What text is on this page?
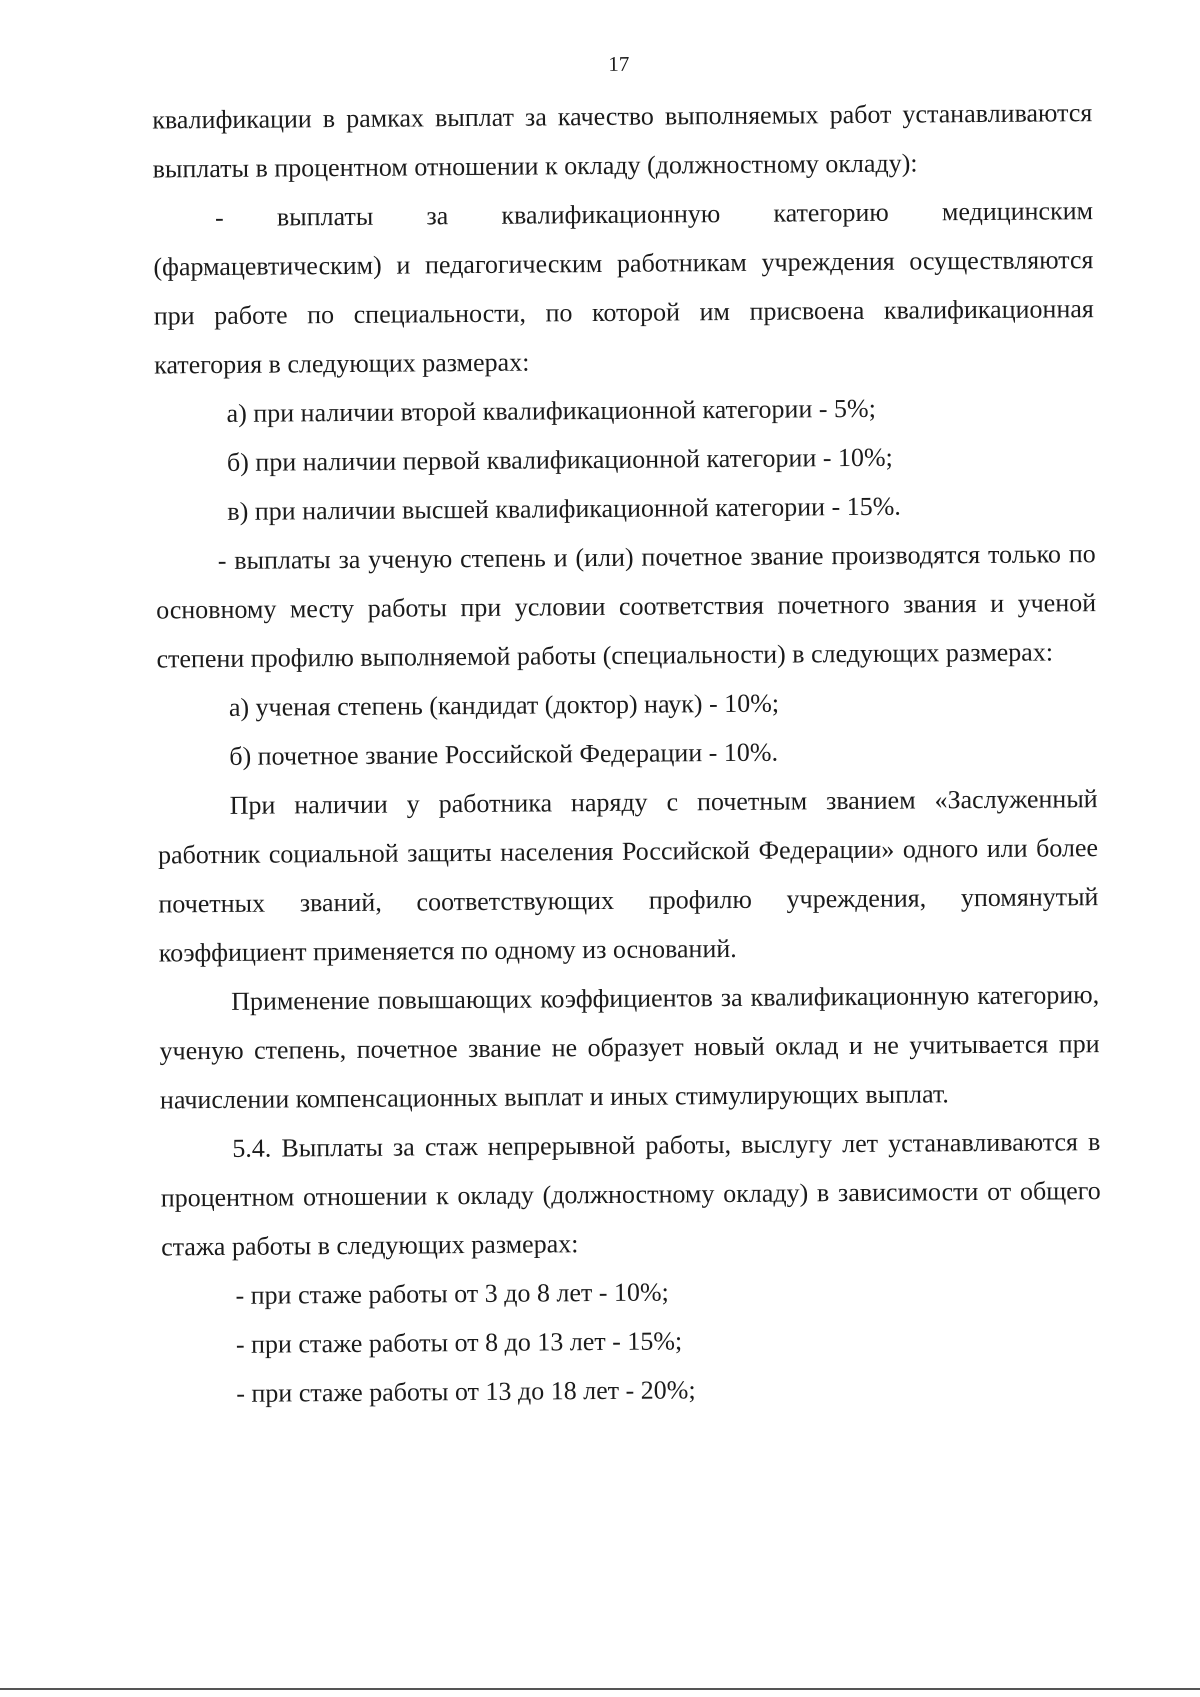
17

квалификации в рамках выплат за качество выполняемых работ устанавливаются выплаты в процентном отношении к окладу (должностному окладу):

- выплаты за квалификационную категорию медицинским (фармацевтическим) и педагогическим работникам учреждения осуществляются при работе по специальности, по которой им присвоена квалификационная категория в следующих размерах:

а) при наличии второй квалификационной категории - 5%;

б) при наличии первой квалификационной категории - 10%;

в) при наличии высшей квалификационной категории - 15%.

- выплаты за ученую степень и (или) почетное звание производятся только по основному месту работы при условии соответствия почетного звания и ученой степени профилю выполняемой работы (специальности) в следующих размерах:

а) ученая степень (кандидат (доктор) наук) - 10%;

б) почетное звание Российской Федерации - 10%.

При наличии у работника наряду с почетным званием «Заслуженный работник социальной защиты населения Российской Федерации» одного или более почетных званий, соответствующих профилю учреждения, упомянутый коэффициент применяется по одному из оснований.

Применение повышающих коэффициентов за квалификационную категорию, ученую степень, почетное звание не образует новый оклад и не учитывается при начислении компенсационных выплат и иных стимулирующих выплат.

5.4. Выплаты за стаж непрерывной работы, выслугу лет устанавливаются в процентном отношении к окладу (должностному окладу) в зависимости от общего стажа работы в следующих размерах:

- при стаже работы от 3 до 8 лет - 10%;

- при стаже работы от 8 до 13 лет - 15%;

- при стаже работы от 13 до 18 лет - 20%;
